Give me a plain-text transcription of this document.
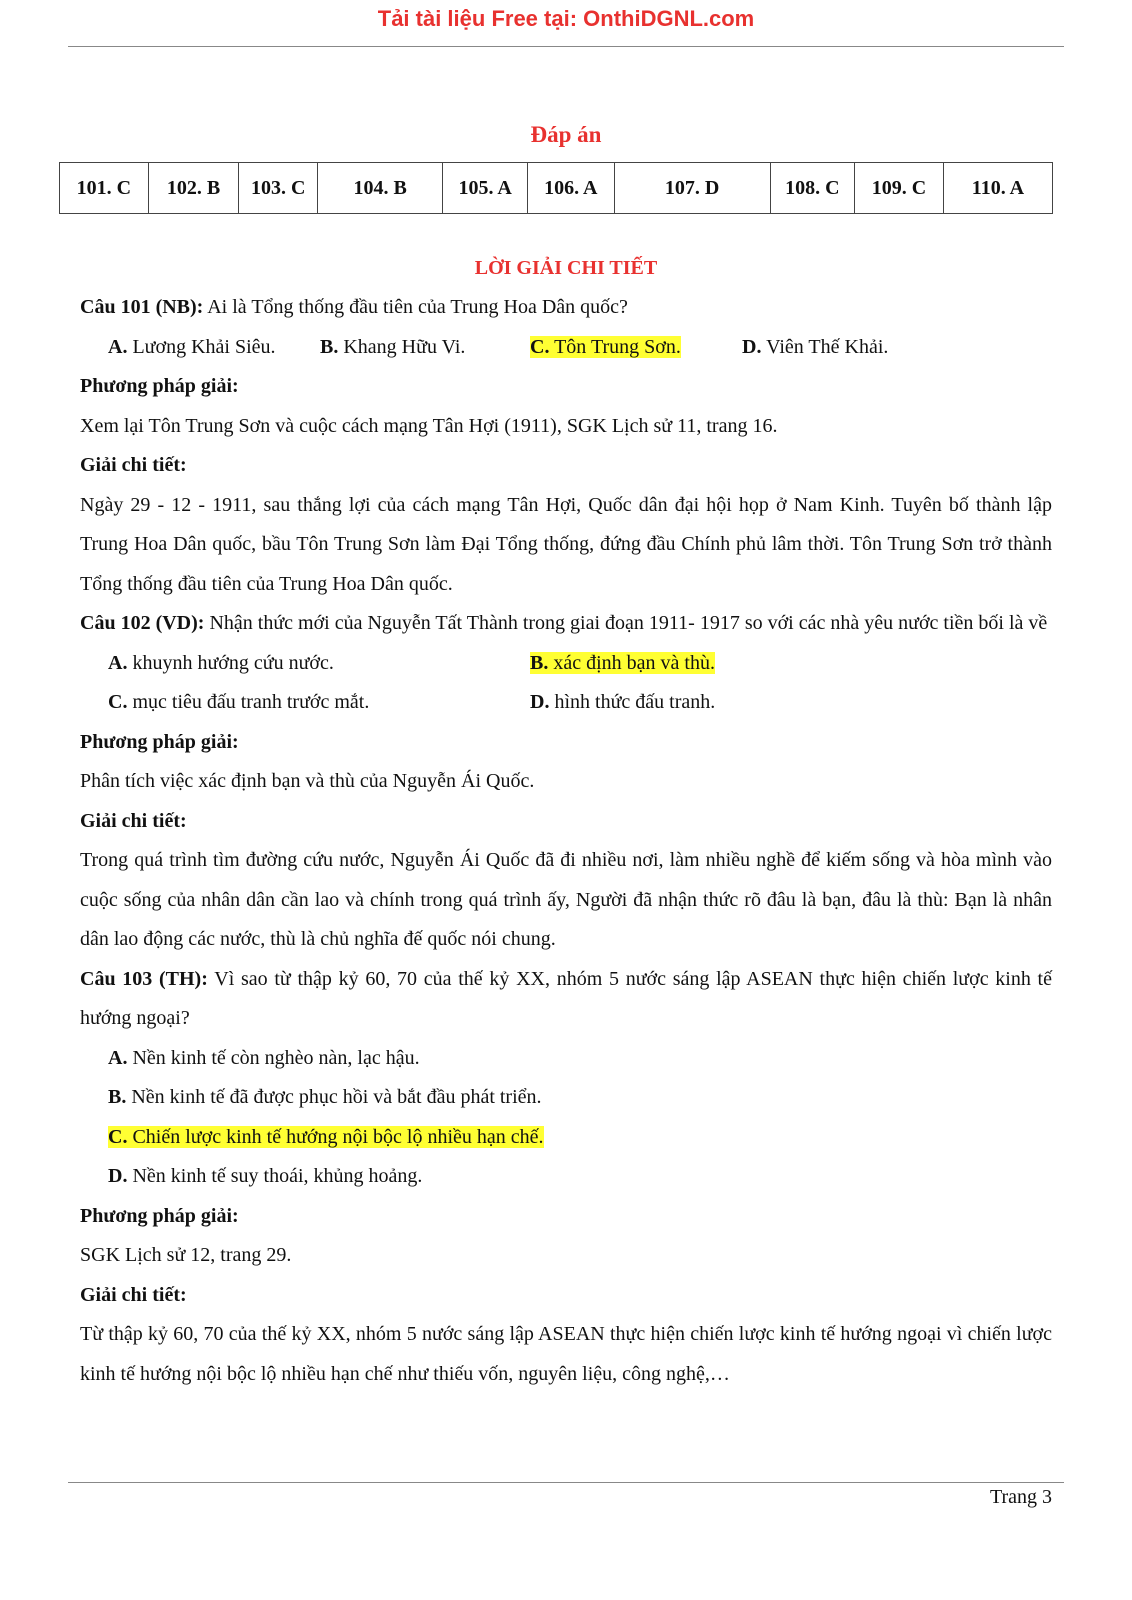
Tải tài liệu Free tại: OnthiDGNL.com
Đáp án
101. C	102. B	103. C	104. B	105. A	106. A	107. D	108. C	109. C	110. A
LỜI GIẢI CHI TIẾT

Câu 101 (NB): Ai là Tổng thống đầu tiên của Trung Hoa Dân quốc?

A. Lương Khải Siêu.	B. Khang Hữu Vi.	C. Tôn Trung Sơn.	D. Viên Thế Khải.

Phương pháp giải:

Xem lại Tôn Trung Sơn và cuộc cách mạng Tân Hợi (1911), SGK Lịch sử 11, trang 16.

Giải chi tiết:

Ngày 29 - 12 - 1911, sau thắng lợi của cách mạng Tân Hợi, Quốc dân đại hội họp ở Nam Kinh. Tuyên bố thành lập Trung Hoa Dân quốc, bầu Tôn Trung Sơn làm Đại Tổng thống, đứng đầu Chính phủ lâm thời. Tôn Trung Sơn trở thành Tổng thống đầu tiên của Trung Hoa Dân quốc.

Câu 102 (VD): Nhận thức mới của Nguyễn Tất Thành trong giai đoạn 1911- 1917 so với các nhà yêu nước tiền bối là về

A. khuynh hướng cứu nước.	B. xác định bạn và thù.
C. mục tiêu đấu tranh trước mắt.	D. hình thức đấu tranh.

Phương pháp giải:

Phân tích việc xác định bạn và thù của Nguyễn Ái Quốc.

Giải chi tiết:

Trong quá trình tìm đường cứu nước, Nguyễn Ái Quốc đã đi nhiều nơi, làm nhiều nghề để kiếm sống và hòa mình vào cuộc sống của nhân dân cần lao và chính trong quá trình ấy, Người đã nhận thức rõ đâu là bạn, đâu là thù: Bạn là nhân dân lao động các nước, thù là chủ nghĩa đế quốc nói chung.

Câu 103 (TH): Vì sao từ thập kỷ 60, 70 của thế kỷ XX, nhóm 5 nước sáng lập ASEAN thực hiện chiến lược kinh tế hướng ngoại?

A. Nền kinh tế còn nghèo nàn, lạc hậu.
B. Nền kinh tế đã được phục hồi và bắt đầu phát triển.
C. Chiến lược kinh tế hướng nội bộc lộ nhiều hạn chế.
D. Nền kinh tế suy thoái, khủng hoảng.

Phương pháp giải:

SGK Lịch sử 12, trang 29.

Giải chi tiết:

Từ thập kỷ 60, 70 của thế kỷ XX, nhóm 5 nước sáng lập ASEAN thực hiện chiến lược kinh tế hướng ngoại vì chiến lược kinh tế hướng nội bộc lộ nhiều hạn chế như thiếu vốn, nguyên liệu, công nghệ,…

Trang 3
